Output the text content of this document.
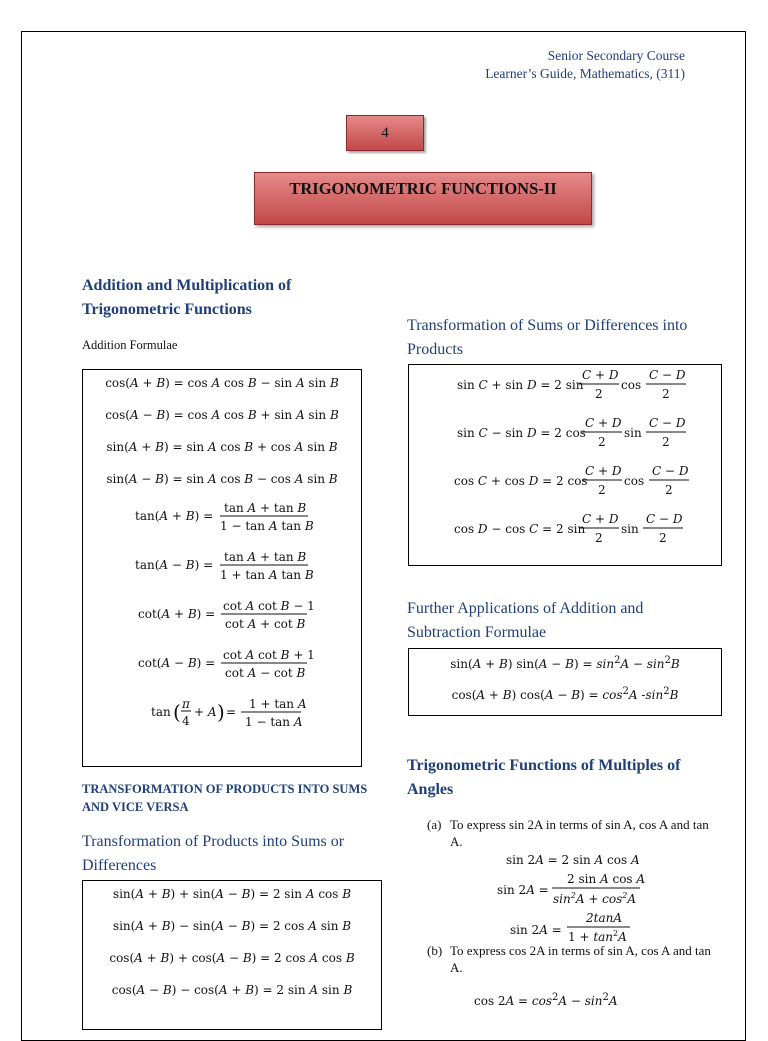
Senior Secondary Course
Learner’s Guide, Mathematics, (311)
4
TRIGONOMETRIC FUNCTIONS-II
Addition and Multiplication of Trigonometric Functions
Addition Formulae
cos(A + B) = cos A cos B − sin A sin B
cos(A − B) = cos A cos B + sin A sin B
sin(A + B) = sin A cos B + cos A sin B
sin(A − B) = sin A cos B − cos A sin B
tan(A + B) =
tan A + tan B
1 − tan A tan B
tan(A − B) =
tan A + tan B
1 + tan A tan B
cot(A + B) =
cot A cot B − 1
cot A + cot B
cot(A − B) =
cot A cot B + 1
cot A − cot B
tan ( π
4
+ A ) =
1 + tan A
1 − tan A
TRANSFORMATION OF PRODUCTS INTO SUMS AND VICE VERSA
Transformation of Products into Sums or Differences
sin(A + B) + sin(A − B) = 2 sin A cos B
sin(A + B) − sin(A − B) = 2 cos A sin B
cos(A + B) + cos(A − B) = 2 cos A cos B
cos(A − B) − cos(A + B) = 2 sin A sin B
Transformation of Sums or Differences into Products
sin C + sin D = 2 sin
C + D
2
cos
C − D
2
sin C − sin D = 2 cos
C + D
2
sin
C − D
2
cos C + cos D = 2 cos
C + D
2
cos
C − D
2
cos D − cos C = 2 sin
C + D
2
sin
C − D
2
Further Applications of Addition and Subtraction Formulae
sin(A + B) $\sin(A - B) = \sin^2A - \sin^2B$
cos(A + B) $\cos(A - B) = \cos^2A$ $-\sin^2B$
Trigonometric Functions of Multiples of Angles
(a) To express sin 2A in terms of sin A, cos A and tan A.
sin 2A = 2 sin A cos A
sin 2A =
2 sin A cos A
$\sin^2A + \cos^2A$
sin 2A =
2tanA
$1 + \tan^2A$
(b) To express cos 2A in terms of sin A, cos A and tan A.
$\cos 2A = \cos^2A - \sin^2A$
